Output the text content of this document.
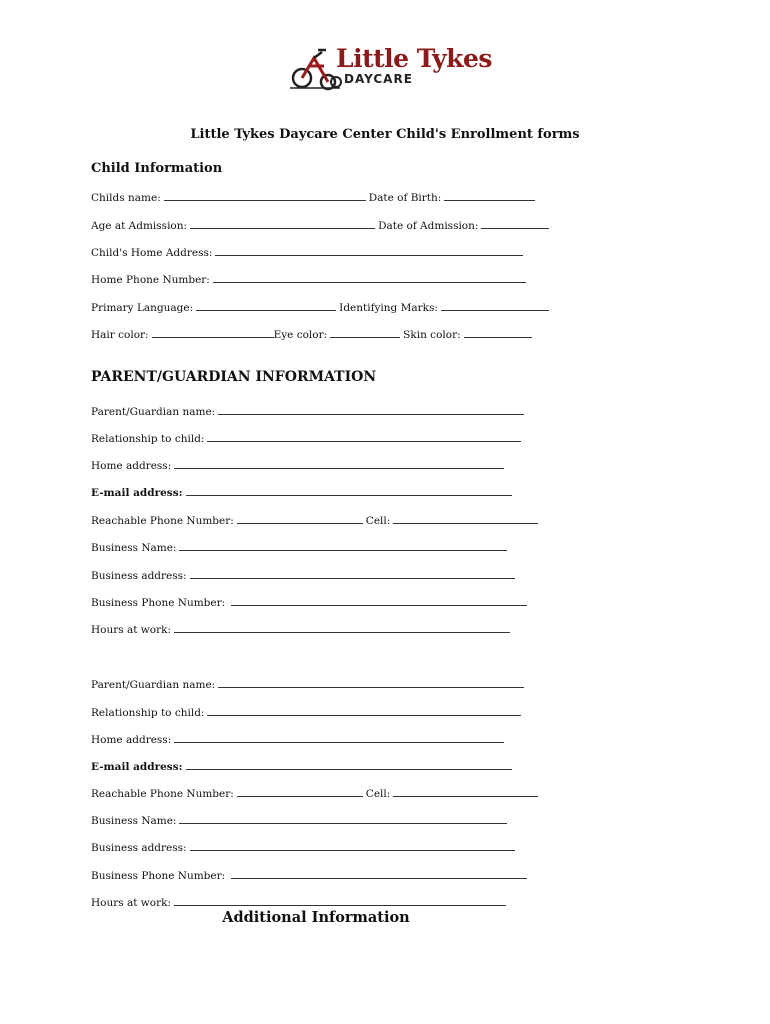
Little Tykes
DAYCARE
Little Tykes Daycare Center Child's Enrollment forms
Child Information
Childs name:	Date of Birth:
Age at Admission:	Date of Admission:
Child's Home Address:
Home Phone Number:
Primary Language:	Identifying Marks:
Hair color:	Eye color:	Skin color:
PARENT/GUARDIAN INFORMATION
Parent/Guardian name:
Relationship to child:
Home address:
E-mail address:
Reachable Phone Number:	Cell:
Business Name:
Business address:
Business Phone Number:
Hours at work:
Parent/Guardian name:
Relationship to child:
Home address:
E-mail address:
Reachable Phone Number:	Cell:
Business Name:
Business address:
Business Phone Number:
Hours at work:
Additional Information
